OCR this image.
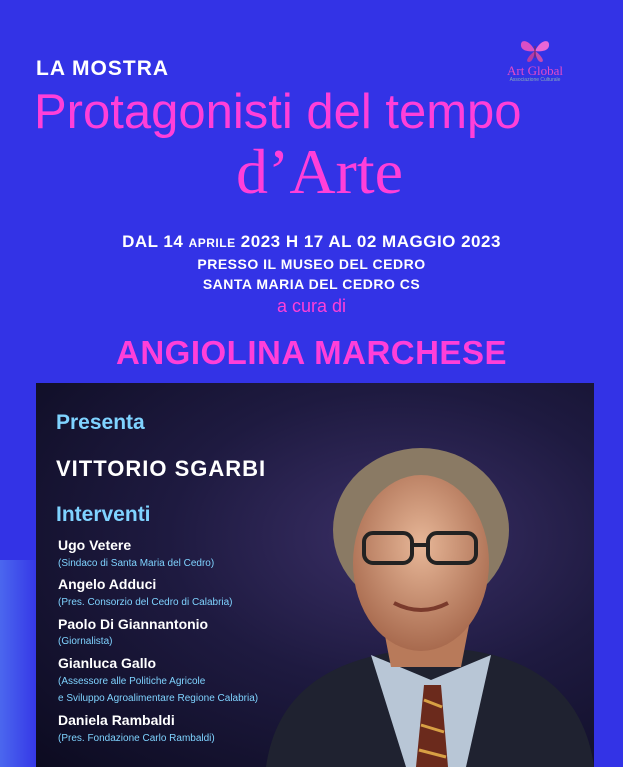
LA MOSTRA
Protagonisti del tempo
d’Arte
Art Global
Associazione Culturale
DAL 14 APRILE 2023 H 17 AL 02 MAGGIO 2023
PRESSO IL MUSEO DEL CEDRO
SANTA MARIA DEL CEDRO CS
a cura di
ANGIOLINA MARCHESE
Presenta
VITTORIO SGARBI
Interventi
Ugo Vetere
(Sindaco di Santa Maria del Cedro)
Angelo Adduci
(Pres. Consorzio del Cedro di Calabria)
Paolo Di Giannantonio
(Giornalista)
Gianluca Gallo
(Assessore alle Politiche Agricole
e Sviluppo Agroalimentare Regione Calabria)
Daniela Rambaldi
(Pres. Fondazione Carlo Rambaldi)
